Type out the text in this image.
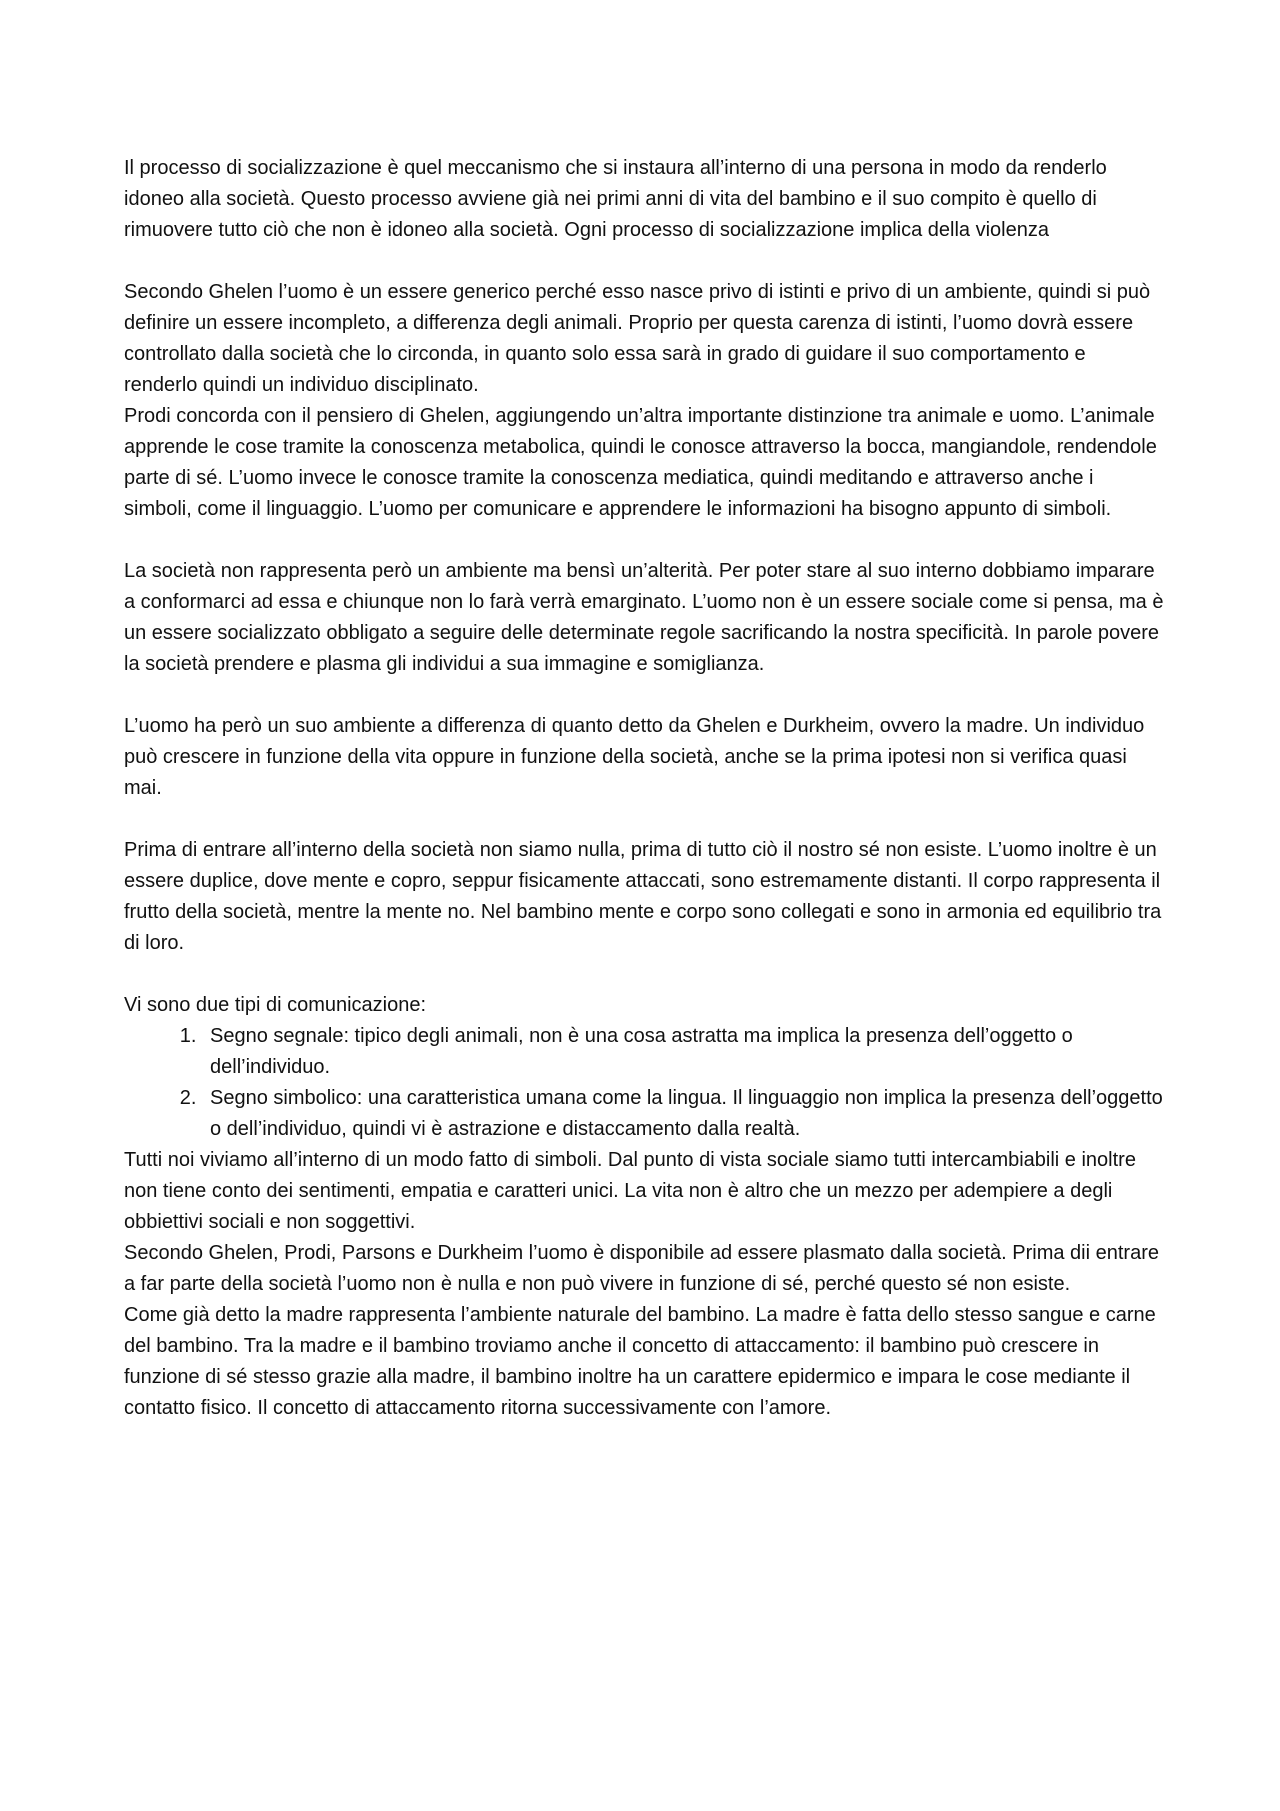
Il processo di socializzazione è quel meccanismo che si instaura all’interno di una persona in modo da renderlo idoneo alla società. Questo processo avviene già nei primi anni di vita del bambino e il suo compito è quello di rimuovere tutto ciò che non è idoneo alla società. Ogni processo di socializzazione implica della violenza

Secondo Ghelen l’uomo è un essere generico perché esso nasce privo di istinti e privo di un ambiente, quindi si può definire un essere incompleto, a differenza degli animali. Proprio per questa carenza di istinti, l’uomo dovrà essere controllato dalla società che lo circonda, in quanto solo essa sarà in grado di guidare il suo comportamento e renderlo quindi un individuo disciplinato.

Prodi concorda con il pensiero di Ghelen, aggiungendo un’altra importante distinzione tra animale e uomo. L’animale apprende le cose tramite la conoscenza metabolica, quindi le conosce attraverso la bocca, mangiandole, rendendole parte di sé. L’uomo invece le conosce tramite la conoscenza mediatica, quindi meditando e attraverso anche i simboli, come il linguaggio. L’uomo per comunicare e apprendere le informazioni ha bisogno appunto di simboli.

La società non rappresenta però un ambiente ma bensì un’alterità. Per poter stare al suo interno dobbiamo imparare a conformarci ad essa e chiunque non lo farà verrà emarginato. L’uomo non è un essere sociale come si pensa, ma è un essere socializzato obbligato a seguire delle determinate regole sacrificando la nostra specificità. In parole povere la società prendere e plasma gli individui a sua immagine e somiglianza.

L’uomo ha però un suo ambiente a differenza di quanto detto da Ghelen e Durkheim, ovvero la madre. Un individuo può crescere in funzione della vita oppure in funzione della società, anche se la prima ipotesi non si verifica quasi mai.

Prima di entrare all’interno della società non siamo nulla, prima di tutto ciò il nostro sé non esiste. L’uomo inoltre è un essere duplice, dove mente e copro, seppur fisicamente attaccati, sono estremamente distanti. Il corpo rappresenta il frutto della società, mentre la mente no. Nel bambino mente e corpo sono collegati e sono in armonia ed equilibrio tra di loro.

Vi sono due tipi di comunicazione:

1. Segno segnale: tipico degli animali, non è una cosa astratta ma implica la presenza dell’oggetto o dell’individuo.
2. Segno simbolico: una caratteristica umana come la lingua. Il linguaggio non implica la presenza dell’oggetto o dell’individuo, quindi vi è astrazione e distaccamento dalla realtà.

Tutti noi viviamo all’interno di un modo fatto di simboli. Dal punto di vista sociale siamo tutti intercambiabili e inoltre non tiene conto dei sentimenti, empatia e caratteri unici. La vita non è altro che un mezzo per adempiere a degli obbiettivi sociali e non soggettivi.

Secondo Ghelen, Prodi, Parsons e Durkheim l’uomo è disponibile ad essere plasmato dalla società. Prima dii entrare a far parte della società l’uomo non è nulla e non può vivere in funzione di sé, perché questo sé non esiste.

Come già detto la madre rappresenta l’ambiente naturale del bambino. La madre è fatta dello stesso sangue e carne del bambino. Tra la madre e il bambino troviamo anche il concetto di attaccamento: il bambino può crescere in funzione di sé stesso grazie alla madre, il bambino inoltre ha un carattere epidermico e impara le cose mediante il contatto fisico. Il concetto di attaccamento ritorna successivamente con l’amore.
